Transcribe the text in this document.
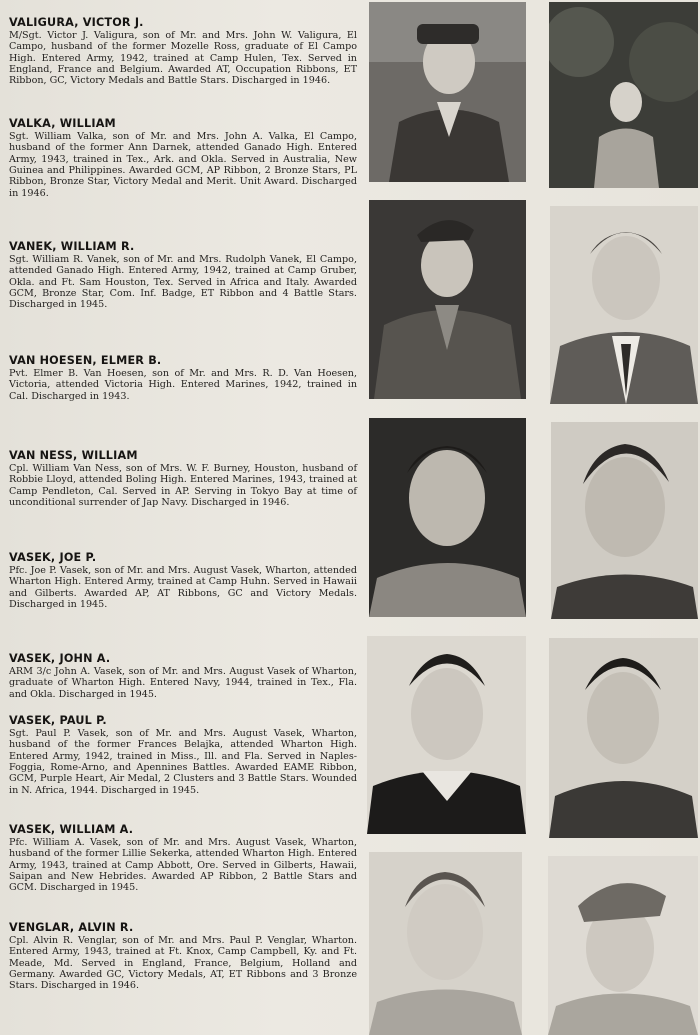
VALIGURA, VICTOR J.

M/Sgt. Victor J. Valigura, son of Mr. and Mrs. John W. Valigura, El Campo, husband of the former Mozelle Ross, graduate of El Campo High. Entered Army, 1942, trained at Camp Hulen, Tex. Served in England, France and Belgium. Awarded AT, Occupation Ribbons, ET Ribbon, GC, Victory Medals and Battle Stars. Discharged in 1946.

VALKA, WILLIAM

Sgt. William Valka, son of Mr. and Mrs. John A. Valka, El Campo, husband of the former Ann Darnek, attended Ganado High. Entered Army, 1943, trained in Tex., Ark. and Okla. Served in Australia, New Guinea and Philippines. Awarded GCM, AP Ribbon, 2 Bronze Stars, PL Ribbon, Bronze Star, Victory Medal and Merit. Unit Award. Discharged in 1946.

VANEK, WILLIAM R.

Sgt. William R. Vanek, son of Mr. and Mrs. Rudolph Vanek, El Campo, attended Ganado High. Entered Army, 1942, trained at Camp Gruber, Okla. and Ft. Sam Houston, Tex. Served in Africa and Italy. Awarded GCM, Bronze Star, Com. Inf. Badge, ET Ribbon and 4 Battle Stars. Discharged in 1945.

VAN HOESEN, ELMER B.

Pvt. Elmer B. Van Hoesen, son of Mr. and Mrs. R. D. Van Hoesen, Victoria, attended Victoria High. Entered Marines, 1942, trained in Cal. Discharged in 1943.

VAN NESS, WILLIAM

Cpl. William Van Ness, son of Mrs. W. F. Burney, Houston, husband of Robbie Lloyd, attended Boling High. Entered Marines, 1943, trained at Camp Pendleton, Cal. Served in AP. Serving in Tokyo Bay at time of unconditional surrender of Jap Navy. Discharged in 1946.

VASEK, JOE P.

Pfc. Joe P. Vasek, son of Mr. and Mrs. August Vasek, Wharton, attended Wharton High. Entered Army, trained at Camp Huhn. Served in Hawaii and Gilberts. Awarded AP, AT Ribbons, GC and Victory Medals. Discharged in 1945.

VASEK, JOHN A.

ARM 3/c John A. Vasek, son of Mr. and Mrs. August Vasek of Wharton, graduate of Wharton High. Entered Navy, 1944, trained in Tex., Fla. and Okla. Discharged in 1945.

VASEK, PAUL P.

Sgt. Paul P. Vasek, son of Mr. and Mrs. August Vasek, Wharton, husband of the former Frances Belajka, attended Wharton High. Entered Army, 1942, trained in Miss., Ill. and Fla. Served in Naples-Foggia, Rome-Arno, and Apennines Battles. Awarded EAME Ribbon, GCM, Purple Heart, Air Medal, 2 Clusters and 3 Battle Stars. Wounded in N. Africa, 1944. Discharged in 1945.

VASEK, WILLIAM A.

Pfc. William A. Vasek, son of Mr. and Mrs. August Vasek, Wharton, husband of the former Lillie Sekerka, attended Wharton High. Entered Army, 1943, trained at Camp Abbott, Ore. Served in Gilberts, Hawaii, Saipan and New Hebrides. Awarded AP Ribbon, 2 Battle Stars and GCM. Discharged in 1945.

VENGLAR, ALVIN R.

Cpl. Alvin R. Venglar, son of Mr. and Mrs. Paul P. Venglar, Wharton. Entered Army, 1943, trained at Ft. Knox, Camp Campbell, Ky. and Ft. Meade, Md. Served in England, France, Belgium, Holland and Germany. Awarded GC, Victory Medals, AT, ET Ribbons and 3 Bronze Stars. Discharged in 1946.
